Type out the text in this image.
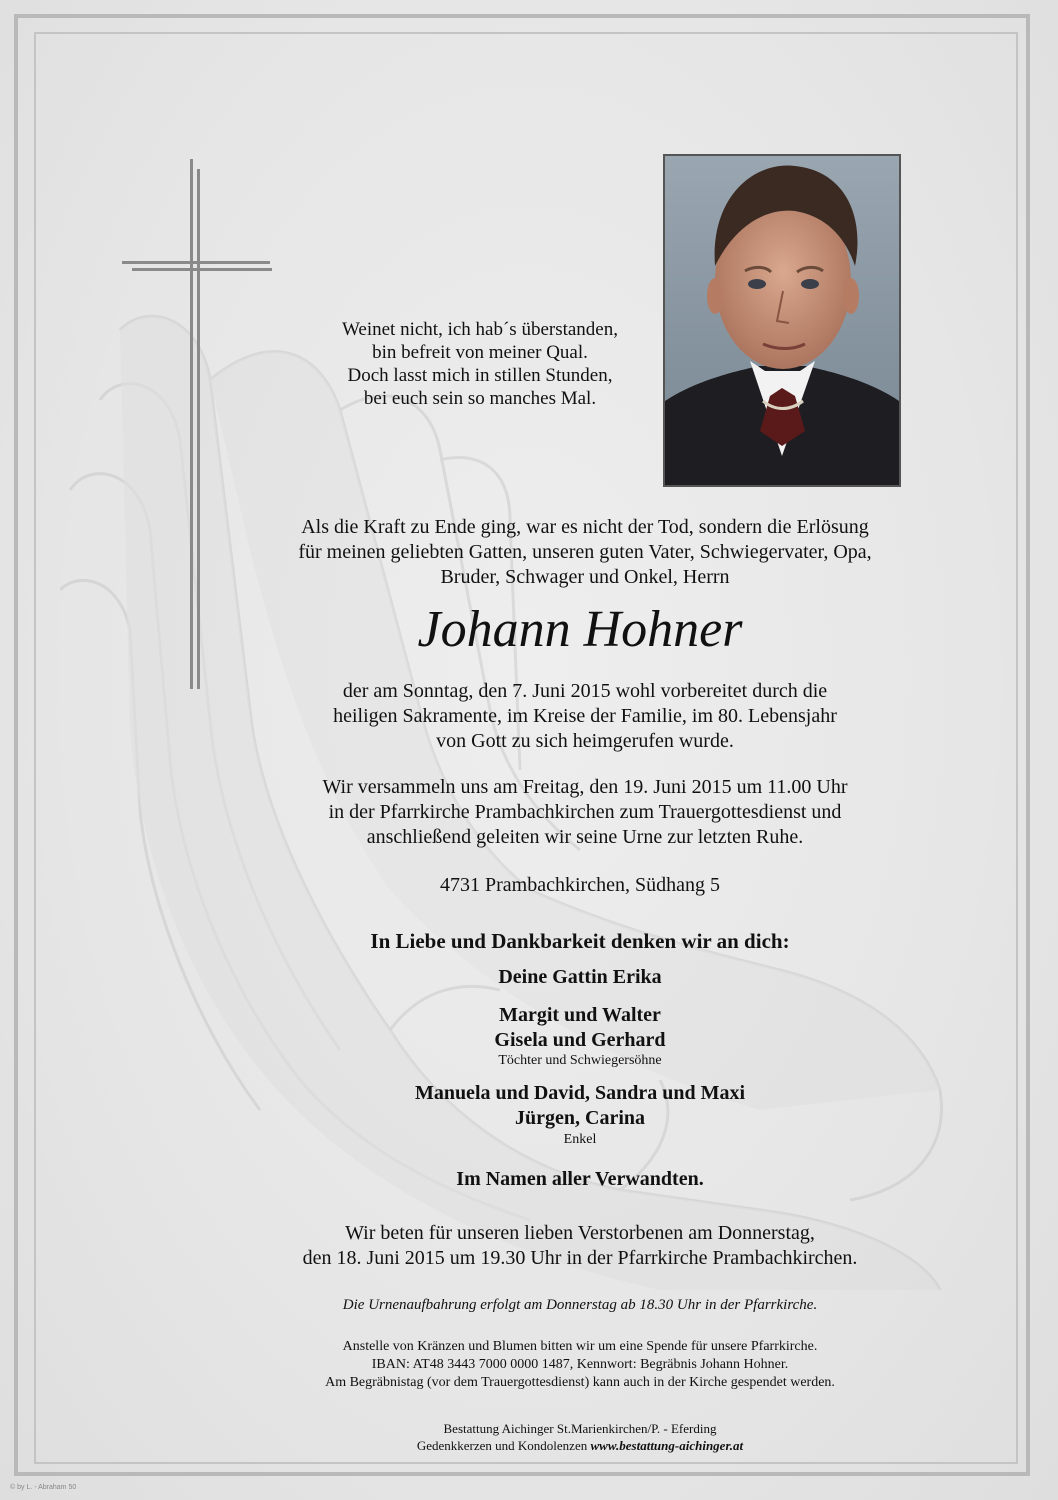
Weinet nicht, ich hab´s überstanden,
bin befreit von meiner Qual.
Doch lasst mich in stillen Stunden,
bei euch sein so manches Mal.
Als die Kraft zu Ende ging, war es nicht der Tod, sondern die Erlösung
für meinen geliebten Gatten, unseren guten Vater, Schwiegervater, Opa,
Bruder, Schwager und Onkel, Herrn
Johann Hohner
der am Sonntag, den 7. Juni 2015 wohl vorbereitet durch die
heiligen Sakramente, im Kreise der Familie, im 80. Lebensjahr
von Gott zu sich heimgerufen wurde.
Wir versammeln uns am Freitag, den 19. Juni 2015 um 11.00 Uhr
in der Pfarrkirche Prambachkirchen zum Trauergottesdienst und
anschließend geleiten wir seine Urne zur letzten Ruhe.
4731 Prambachkirchen, Südhang 5
In Liebe und Dankbarkeit denken wir an dich:
Deine Gattin Erika
Margit und Walter
Gisela und Gerhard
Töchter und Schwiegersöhne
Manuela und David, Sandra und Maxi
Jürgen, Carina
Enkel
Im Namen aller Verwandten.
Wir beten für unseren lieben Verstorbenen am Donnerstag,
den 18. Juni 2015 um 19.30 Uhr in der Pfarrkirche Prambachkirchen.
Die Urnenaufbahrung erfolgt am Donnerstag ab 18.30 Uhr in der Pfarrkirche.
Anstelle von Kränzen und Blumen bitten wir um eine Spende für unsere Pfarrkirche.
IBAN: AT48 3443 7000 0000 1487, Kennwort: Begräbnis Johann Hohner.
Am Begräbnistag (vor dem Trauergottesdienst) kann auch in der Kirche gespendet werden.
Bestattung Aichinger St.Marienkirchen/P. - Eferding
Gedenkkerzen und Kondolenzen www.bestattung-aichinger.at
© by L. - Abraham 50
